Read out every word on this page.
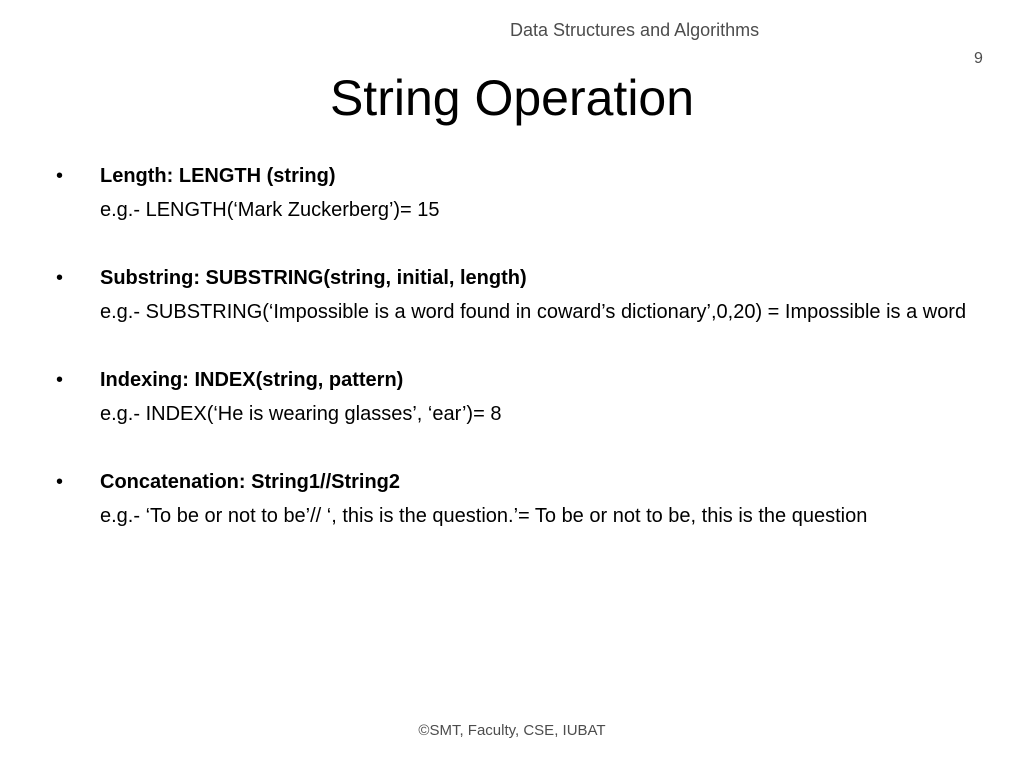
Data Structures and Algorithms
9
String Operation
•	Length: LENGTH (string)
e.g.- LENGTH(‘Mark Zuckerberg’)= 15
•	Substring: SUBSTRING(string, initial, length)
e.g.- SUBSTRING(‘Impossible is a word found in coward’s dictionary’,0,20) = Impossible is a word
•	Indexing: INDEX(string, pattern)
e.g.- INDEX(‘He is wearing glasses’, ‘ear’)= 8
•	Concatenation: String1//String2
e.g.- ‘To be or not to be’// ‘, this is the question.’= To be or not to be, this is the question
©SMT, Faculty, CSE, IUBAT
